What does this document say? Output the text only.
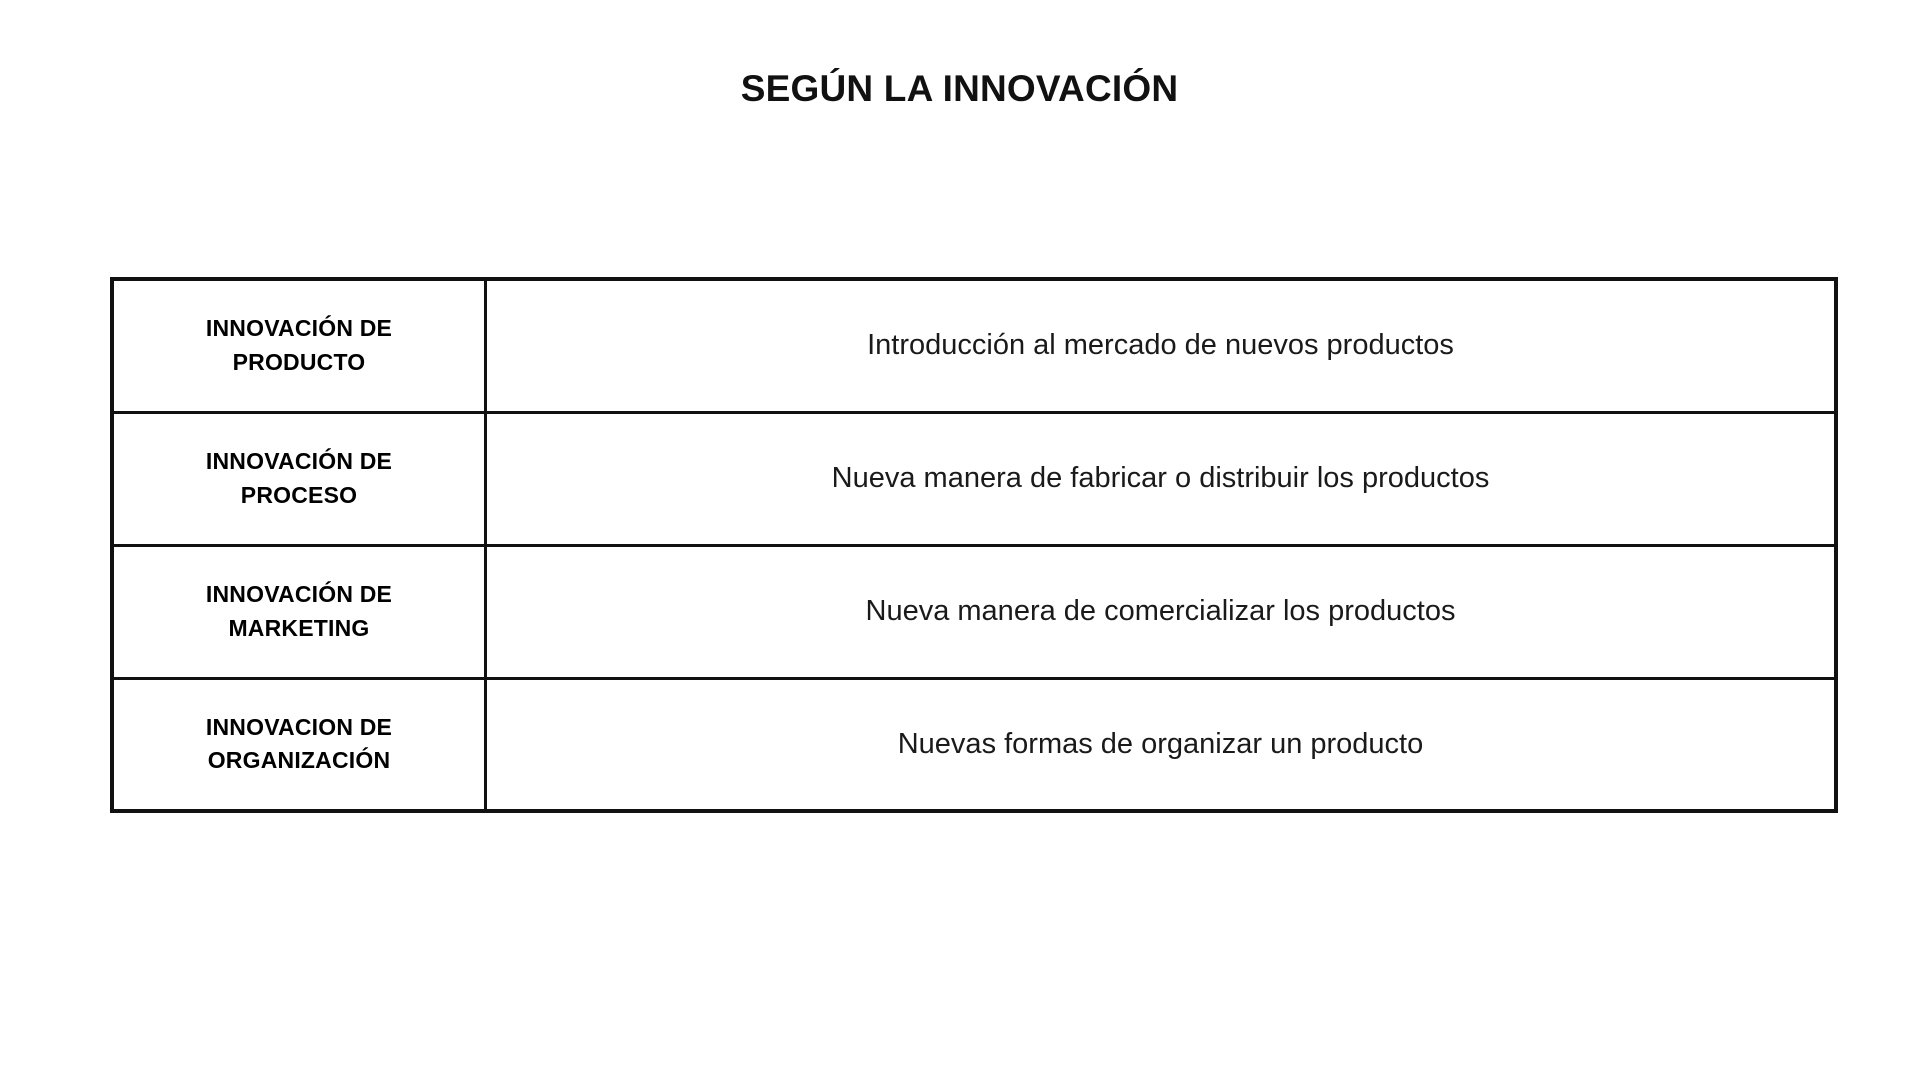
SEGÚN LA INNOVACIÓN
INNOVACIÓN DE
PRODUCTO	Introducción al mercado de nuevos productos

INNOVACIÓN DE
PROCESO	Nueva manera de fabricar o distribuir los productos

INNOVACIÓN DE
MARKETING	Nueva manera de comercializar los productos

INNOVACION DE
ORGANIZACIÓN	Nuevas formas de organizar un producto
